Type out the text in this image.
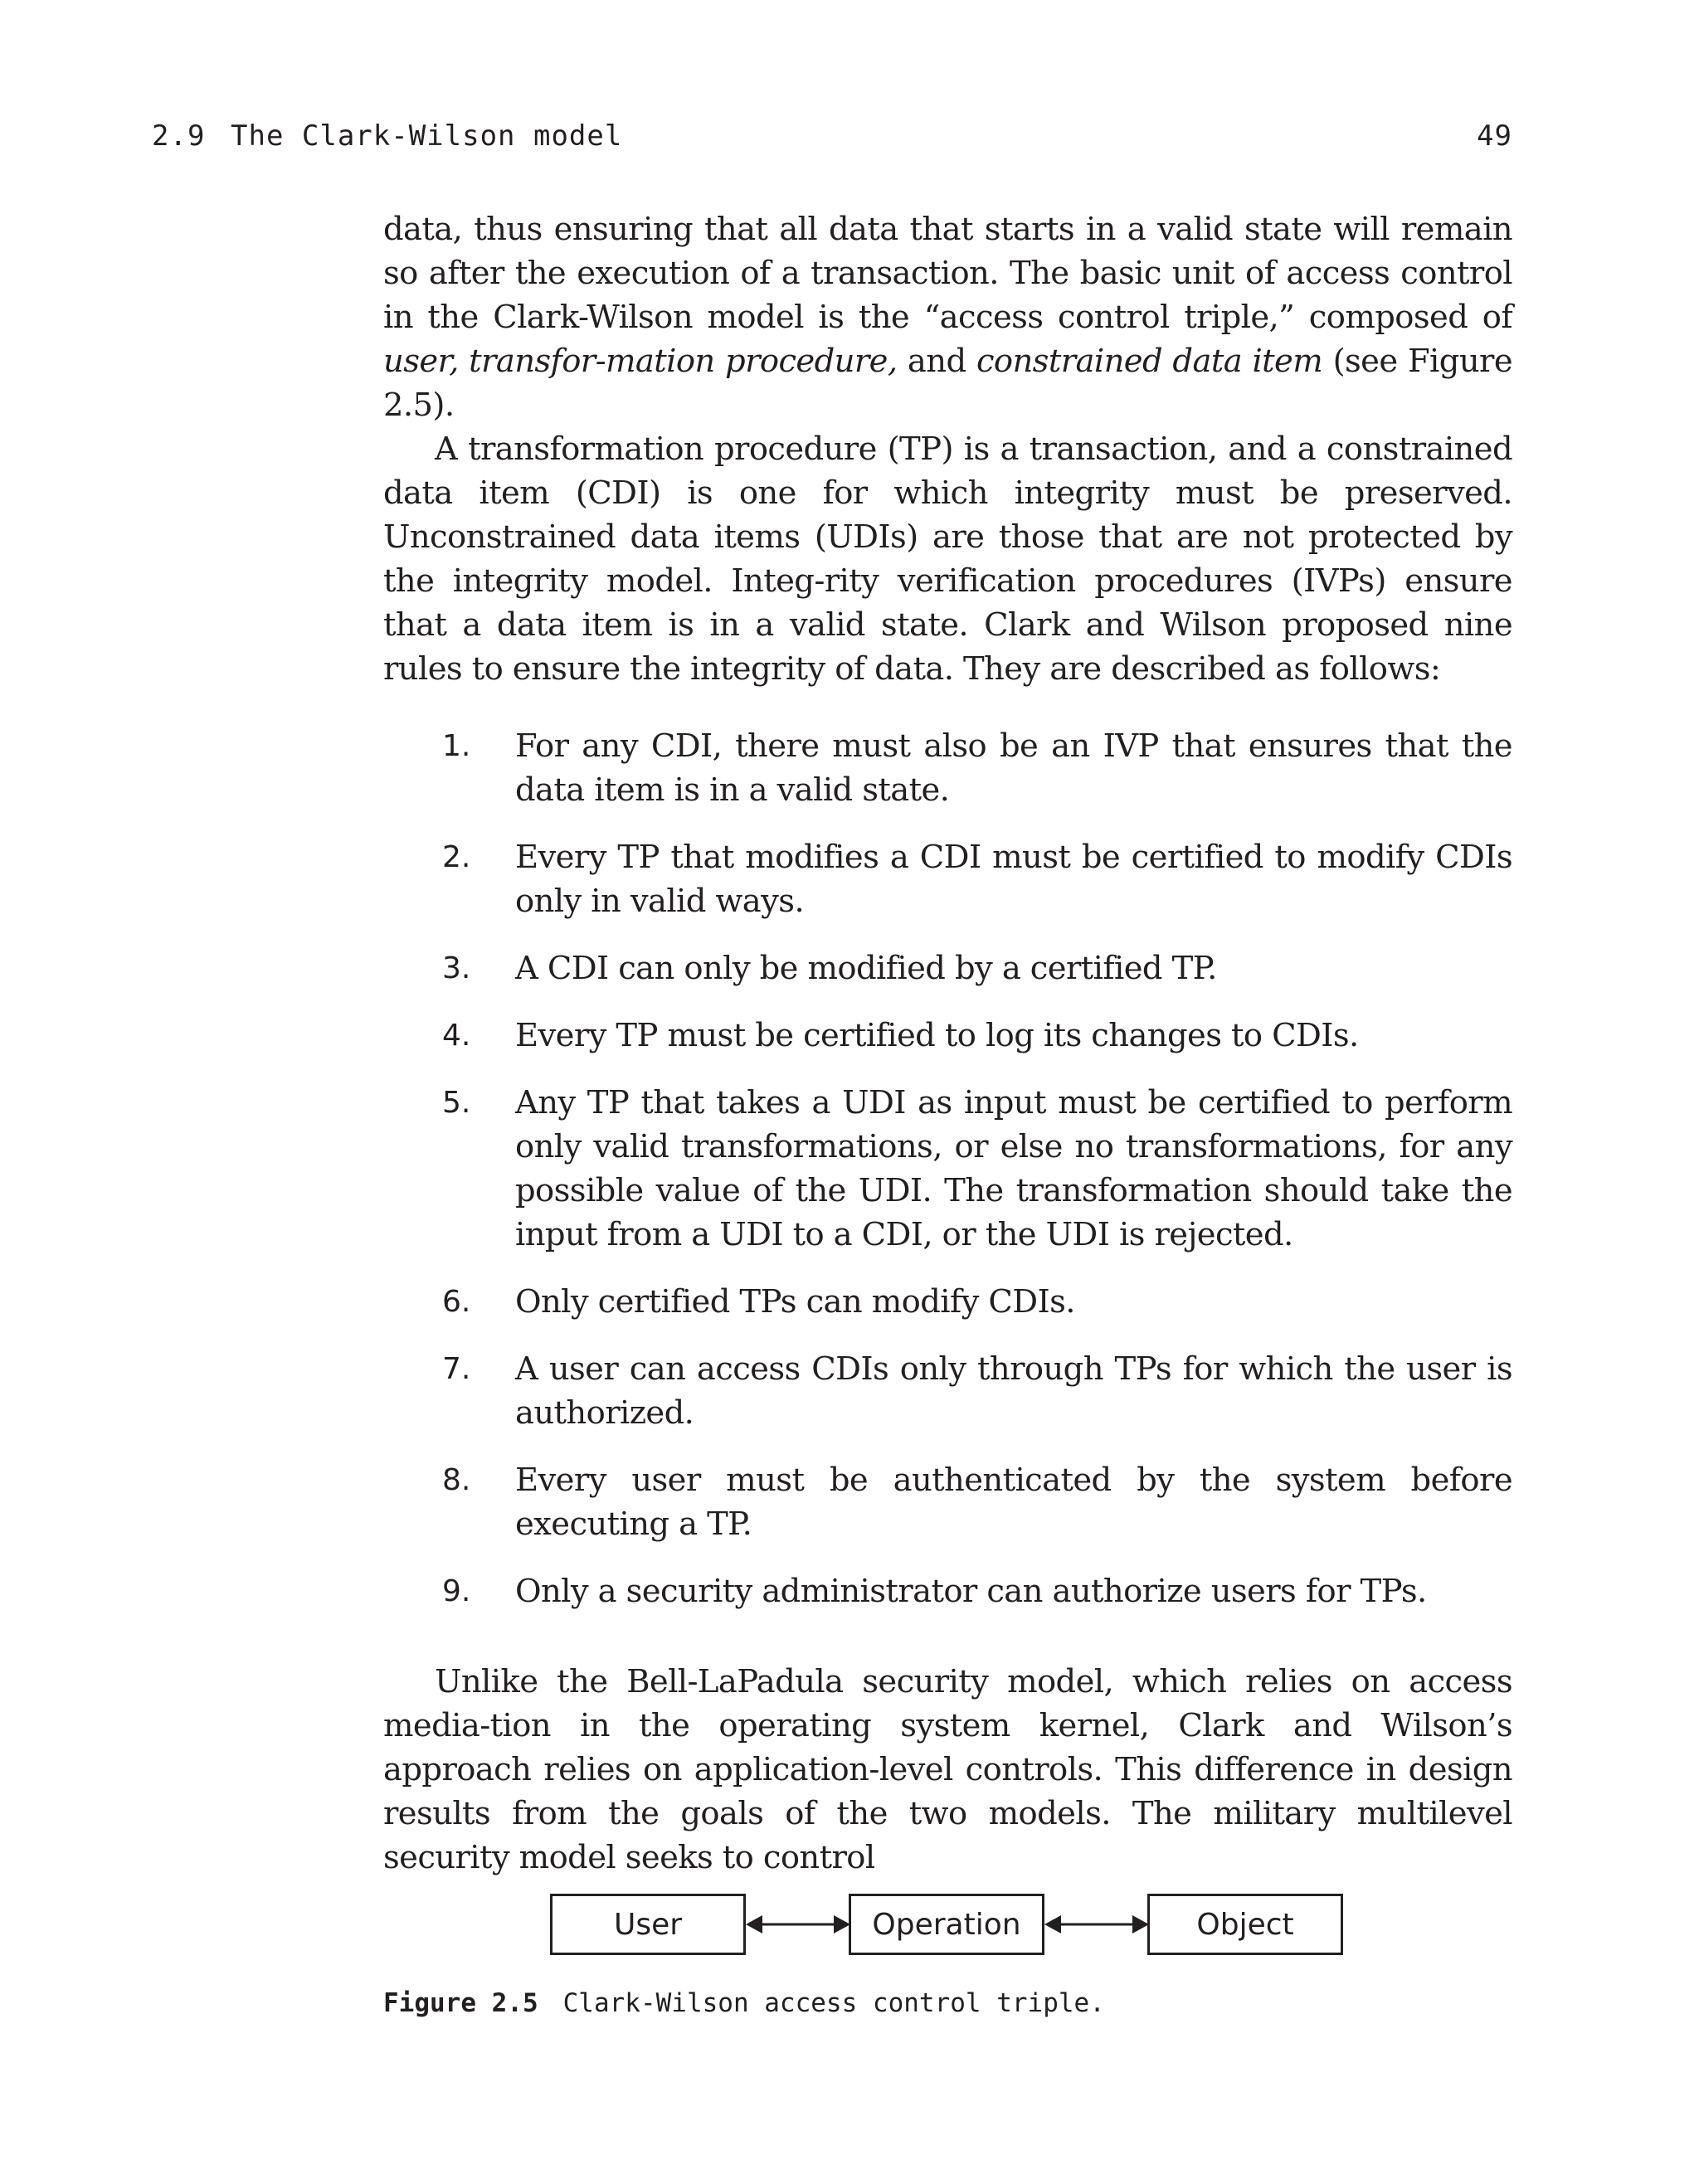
2.9 The Clark-Wilson model	49

data, thus ensuring that all data that starts in a valid state will remain so after the execution of a transaction. The basic unit of access control in the Clark-Wilson model is the “access control triple,” composed of user, transfor-mation procedure, and constrained data item (see Figure 2.5).

A transformation procedure (TP) is a transaction, and a constrained data item (CDI) is one for which integrity must be preserved. Unconstrained data items (UDIs) are those that are not protected by the integrity model. Integ-rity verification procedures (IVPs) ensure that a data item is in a valid state. Clark and Wilson proposed nine rules to ensure the integrity of data. They are described as follows:

1. For any CDI, there must also be an IVP that ensures that the data item is in a valid state.
2. Every TP that modifies a CDI must be certified to modify CDIs only in valid ways.
3. A CDI can only be modified by a certified TP.
4. Every TP must be certified to log its changes to CDIs.
5. Any TP that takes a UDI as input must be certified to perform only valid transformations, or else no transformations, for any possible value of the UDI. The transformation should take the input from a UDI to a CDI, or the UDI is rejected.
6. Only certified TPs can modify CDIs.
7. A user can access CDIs only through TPs for which the user is authorized.
8. Every user must be authenticated by the system before executing a TP.
9. Only a security administrator can authorize users for TPs.

Unlike the Bell-LaPadula security model, which relies on access media-tion in the operating system kernel, Clark and Wilson’s approach relies on application-level controls. This difference in design results from the goals of the two models. The military multilevel security model seeks to control

User	Operation	Object
Figure 2.5 Clark-Wilson access control triple.
